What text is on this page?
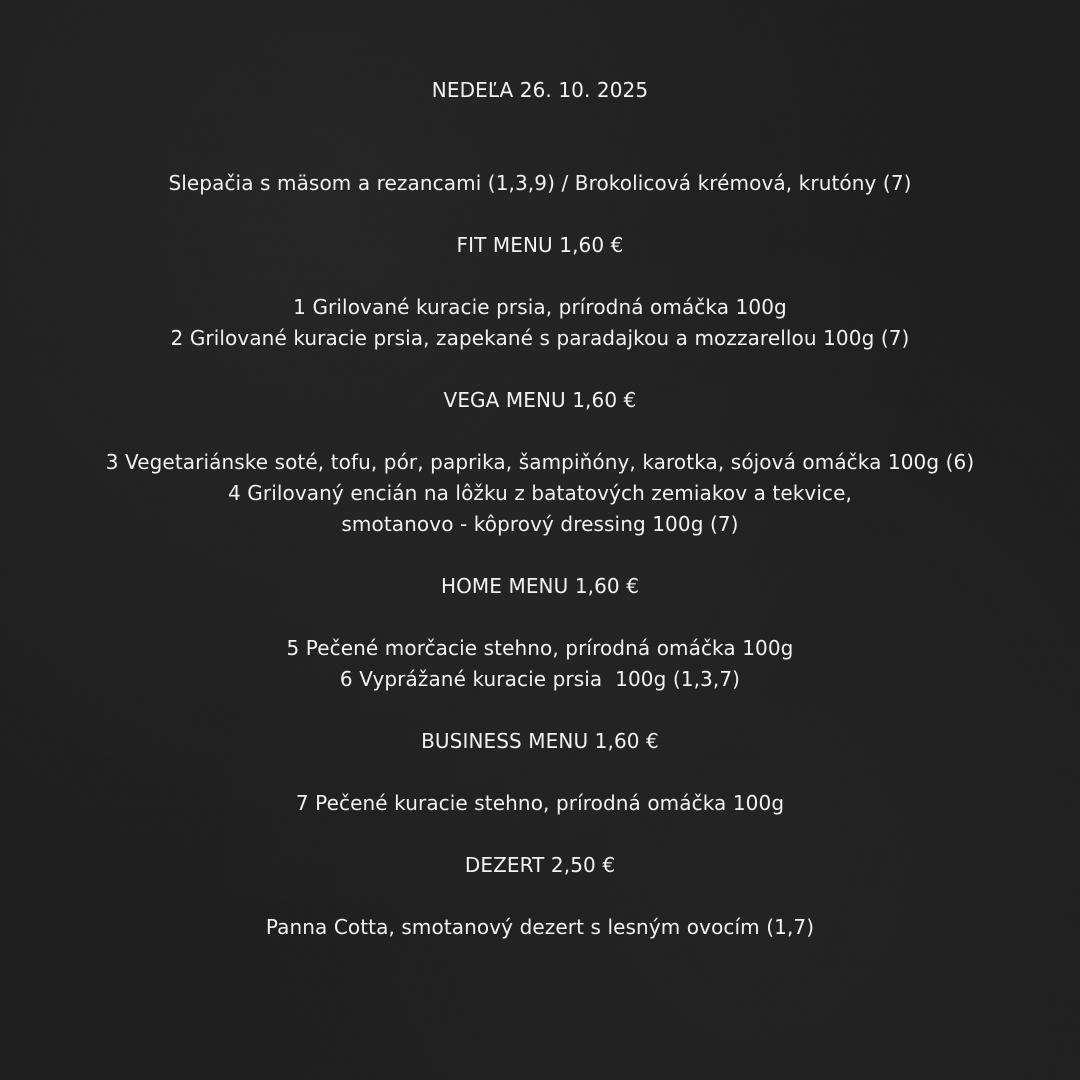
NEDEĽA 26. 10. 2025
Slepačia s mäsom a rezancami (1,3,9) / Brokolicová krémová, krutóny (7)
FIT MENU 1,60 €
1 Grilované kuracie prsia, prírodná omáčka 100g
2 Grilované kuracie prsia, zapekané s paradajkou a mozzarellou 100g (7)
VEGA MENU 1,60 €
3 Vegetariánske soté, tofu, pór, paprika, šampiňóny, karotka, sójová omáčka 100g (6)
4 Grilovaný encián na lôžku z batatových zemiakov a tekvice,
smotanovo - kôprový dressing 100g (7)
HOME MENU 1,60 €
5 Pečené morčacie stehno, prírodná omáčka 100g
6 Vyprážané kuracie prsia  100g (1,3,7)
BUSINESS MENU 1,60 €
7 Pečené kuracie stehno, prírodná omáčka 100g
DEZERT 2,50 €
Panna Cotta, smotanový dezert s lesným ovocím (1,7)
